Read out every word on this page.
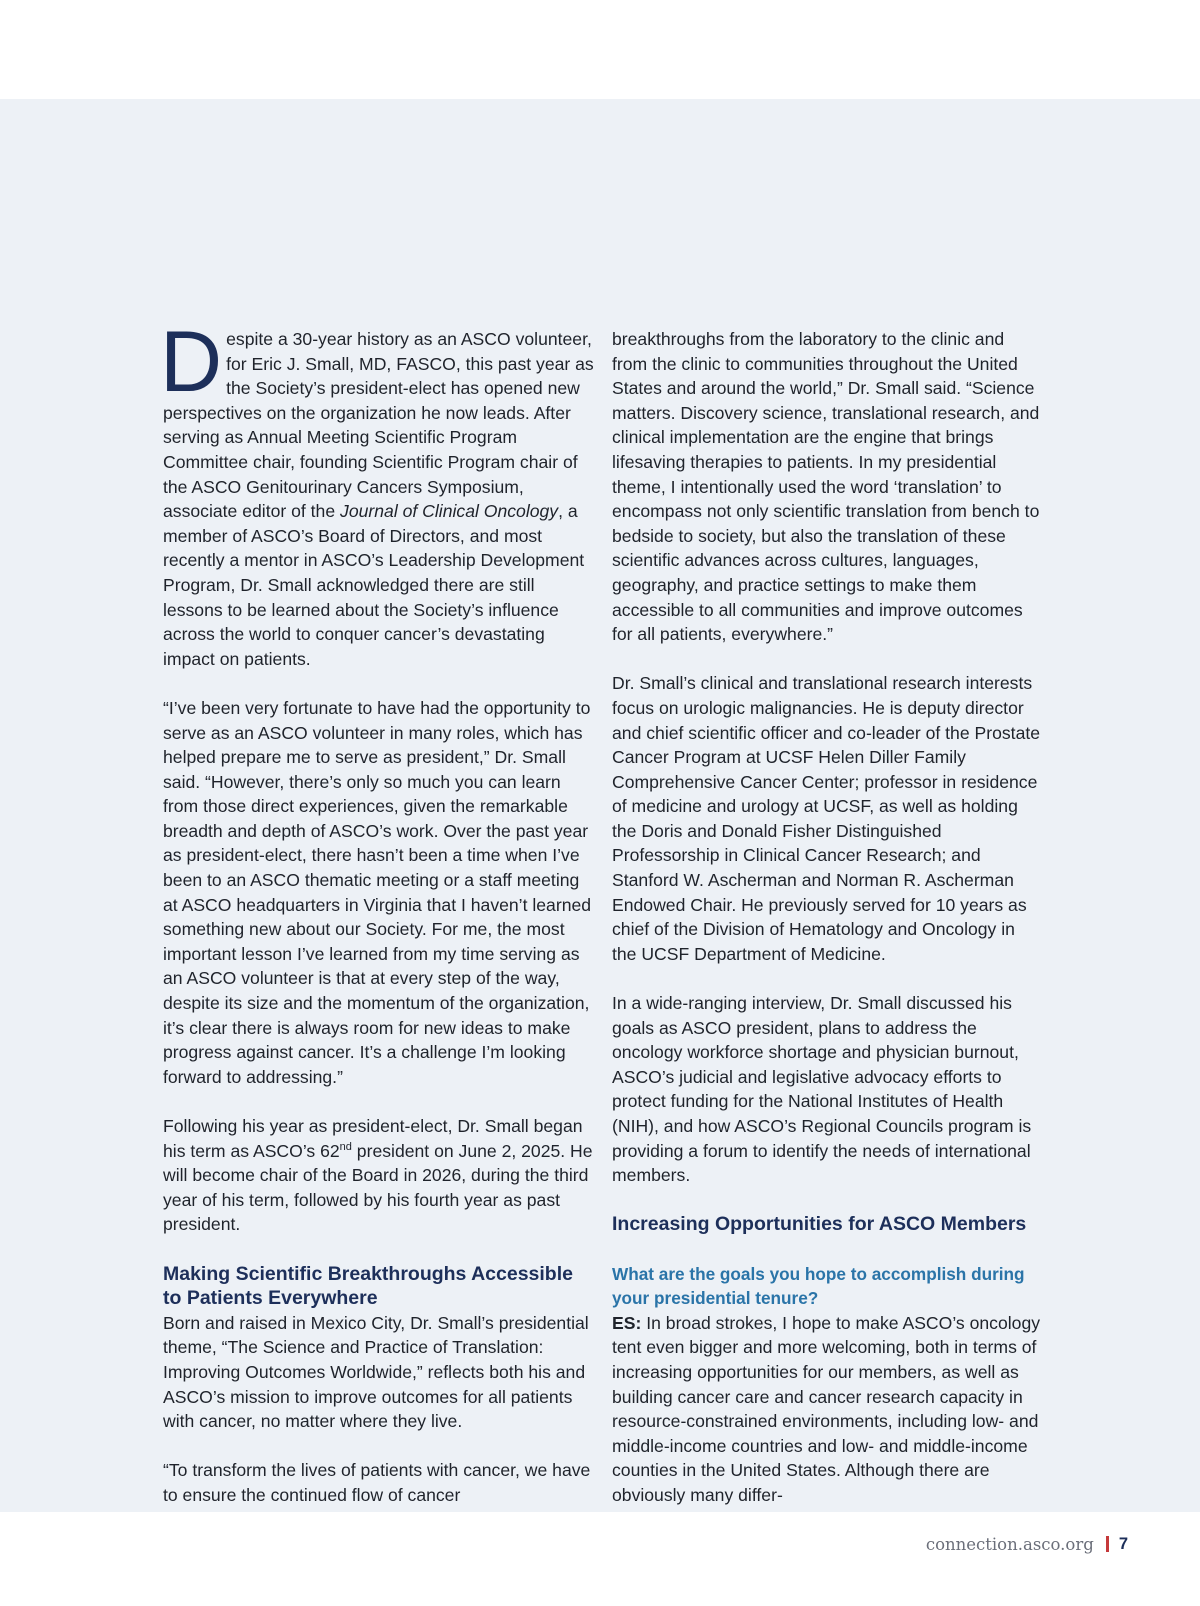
Despite a 30-year history as an ASCO volunteer, for Eric J. Small, MD, FASCO, this past year as the Society’s president-elect has opened new perspectives on the organization he now leads. After serving as Annual Meeting Scientific Program Committee chair, founding Scientific Program chair of the ASCO Genitourinary Cancers Symposium, associate editor of the Journal of Clinical Oncology, a member of ASCO’s Board of Directors, and most recently a mentor in ASCO’s Leadership Development Program, Dr. Small acknowledged there are still lessons to be learned about the Society’s influence across the world to conquer cancer’s devastating impact on patients.

“I’ve been very fortunate to have had the opportunity to serve as an ASCO volunteer in many roles, which has helped prepare me to serve as president,” Dr. Small said. “However, there’s only so much you can learn from those direct experiences, given the remarkable breadth and depth of ASCO’s work. Over the past year as president-elect, there hasn’t been a time when I’ve been to an ASCO thematic meeting or a staff meeting at ASCO headquarters in Virginia that I haven’t learned something new about our Society. For me, the most important lesson I’ve learned from my time serving as an ASCO volunteer is that at every step of the way, despite its size and the momentum of the organization, it’s clear there is always room for new ideas to make progress against cancer. It’s a challenge I’m looking forward to addressing.”

Following his year as president-elect, Dr. Small began his term as ASCO’s 62nd president on June 2, 2025. He will become chair of the Board in 2026, during the third year of his term, followed by his fourth year as past president.

Making Scientific Breakthroughs Accessible to Patients Everywhere

Born and raised in Mexico City, Dr. Small’s presidential theme, “The Science and Practice of Translation: Improving Outcomes Worldwide,” reflects both his and ASCO’s mission to improve outcomes for all patients with cancer, no matter where they live.

“To transform the lives of patients with cancer, we have to ensure the continued flow of cancer

breakthroughs from the laboratory to the clinic and from the clinic to communities throughout the United States and around the world,” Dr. Small said. “Science matters. Discovery science, translational research, and clinical implementation are the engine that brings lifesaving therapies to patients. In my presidential theme, I intentionally used the word ‘translation’ to encompass not only scientific translation from bench to bedside to society, but also the translation of these scientific advances across cultures, languages, geography, and practice settings to make them accessible to all communities and improve outcomes for all patients, everywhere.”

Dr. Small’s clinical and translational research interests focus on urologic malignancies. He is deputy director and chief scientific officer and co-leader of the Prostate Cancer Program at UCSF Helen Diller Family Comprehensive Cancer Center; professor in residence of medicine and urology at UCSF, as well as holding the Doris and Donald Fisher Distinguished Professorship in Clinical Cancer Research; and Stanford W. Ascherman and Norman R. Ascherman Endowed Chair. He previously served for 10 years as chief of the Division of Hematology and Oncology in the UCSF Department of Medicine.

In a wide-ranging interview, Dr. Small discussed his goals as ASCO president, plans to address the oncology workforce shortage and physician burnout, ASCO’s judicial and legislative advocacy efforts to protect funding for the National Institutes of Health (NIH), and how ASCO’s Regional Councils program is providing a forum to identify the needs of international members.

Increasing Opportunities for ASCO Members
What are the goals you hope to accomplish during your presidential tenure?

ES: In broad strokes, I hope to make ASCO’s oncology tent even bigger and more welcoming, both in terms of increasing opportunities for our members, as well as building cancer care and cancer research capacity in resource-constrained environments, including low- and middle-income countries and low- and middle-income counties in the United States. Although there are obviously many differ-

connection.asco.org 7
